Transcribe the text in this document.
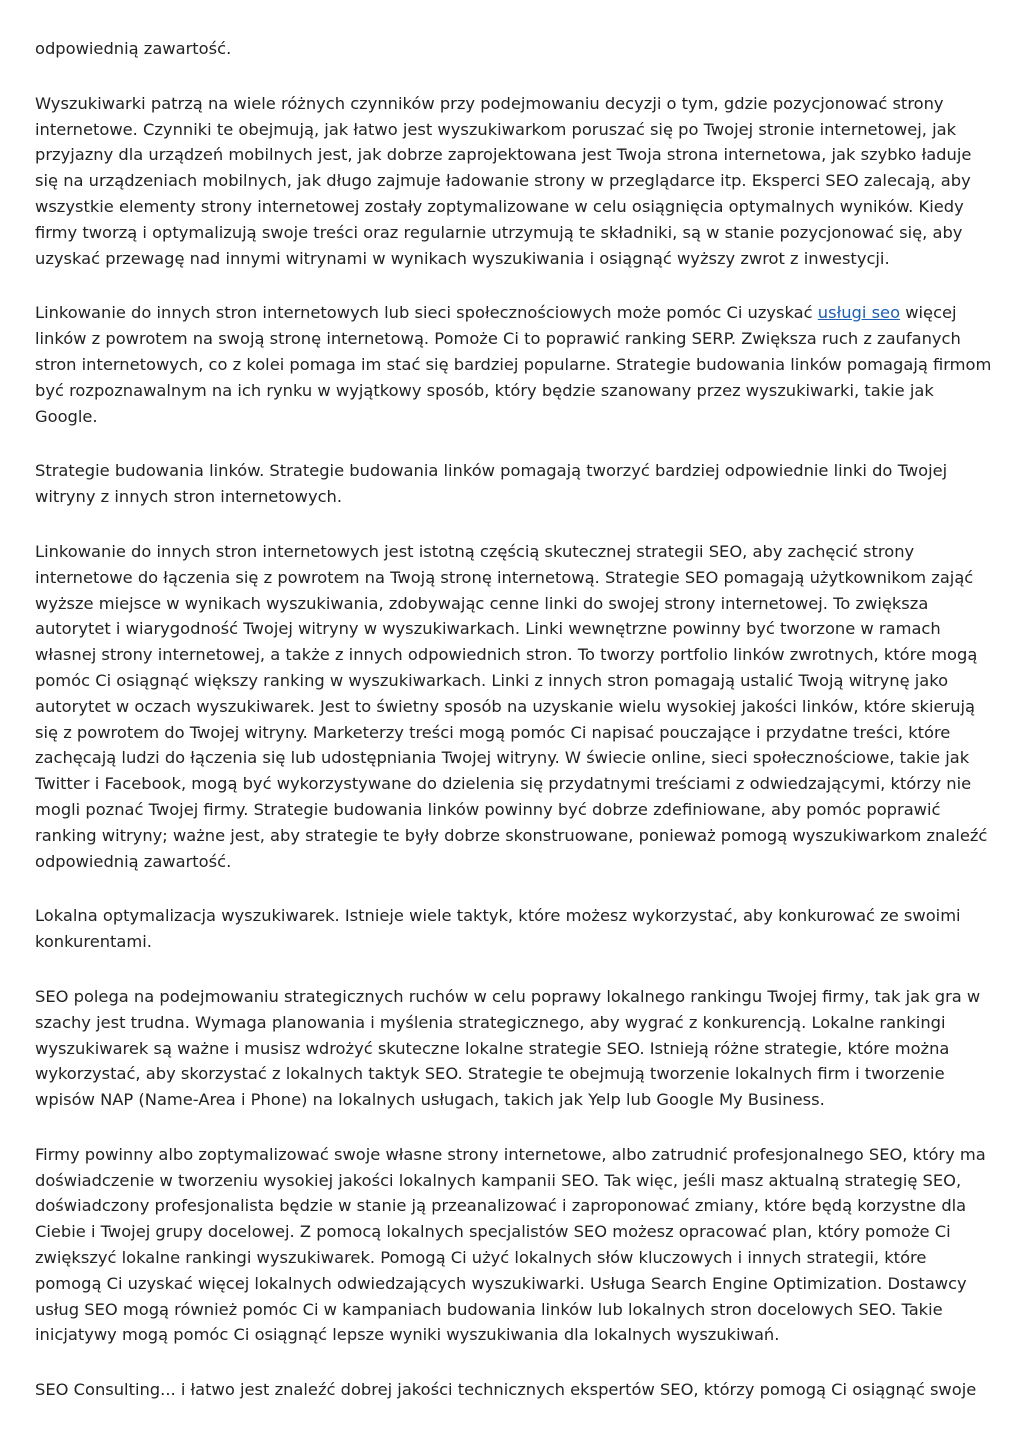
odpowiednią zawartość.

Wyszukiwarki patrzą na wiele różnych czynników przy podejmowaniu decyzji o tym, gdzie pozycjonować strony internetowe. Czynniki te obejmują, jak łatwo jest wyszukiwarkom poruszać się po Twojej stronie internetowej, jak przyjazny dla urządzeń mobilnych jest, jak dobrze zaprojektowana jest Twoja strona internetowa, jak szybko ładuje się na urządzeniach mobilnych, jak długo zajmuje ładowanie strony w przeglądarce itp. Eksperci SEO zalecają, aby wszystkie elementy strony internetowej zostały zoptymalizowane w celu osiągnięcia optymalnych wyników. Kiedy firmy tworzą i optymalizują swoje treści oraz regularnie utrzymują te składniki, są w stanie pozycjonować się, aby uzyskać przewagę nad innymi witrynami w wynikach wyszukiwania i osiągnąć wyższy zwrot z inwestycji.

Linkowanie do innych stron internetowych lub sieci społecznościowych może pomóc Ci uzyskać usługi seo więcej linków z powrotem na swoją stronę internetową. Pomoże Ci to poprawić ranking SERP. Zwiększa ruch z zaufanych stron internetowych, co z kolei pomaga im stać się bardziej popularne. Strategie budowania linków pomagają firmom być rozpoznawalnym na ich rynku w wyjątkowy sposób, który będzie szanowany przez wyszukiwarki, takie jak Google.

Strategie budowania linków. Strategie budowania linków pomagają tworzyć bardziej odpowiednie linki do Twojej witryny z innych stron internetowych.

Linkowanie do innych stron internetowych jest istotną częścią skutecznej strategii SEO, aby zachęcić strony internetowe do łączenia się z powrotem na Twoją stronę internetową. Strategie SEO pomagają użytkownikom zająć wyższe miejsce w wynikach wyszukiwania, zdobywając cenne linki do swojej strony internetowej. To zwiększa autorytet i wiarygodność Twojej witryny w wyszukiwarkach. Linki wewnętrzne powinny być tworzone w ramach własnej strony internetowej, a także z innych odpowiednich stron. To tworzy portfolio linków zwrotnych, które mogą pomóc Ci osiągnąć większy ranking w wyszukiwarkach. Linki z innych stron pomagają ustalić Twoją witrynę jako autorytet w oczach wyszukiwarek. Jest to świetny sposób na uzyskanie wielu wysokiej jakości linków, które skierują się z powrotem do Twojej witryny. Marketerzy treści mogą pomóc Ci napisać pouczające i przydatne treści, które zachęcają ludzi do łączenia się lub udostępniania Twojej witryny. W świecie online, sieci społecznościowe, takie jak Twitter i Facebook, mogą być wykorzystywane do dzielenia się przydatnymi treściami z odwiedzającymi, którzy nie mogli poznać Twojej firmy. Strategie budowania linków powinny być dobrze zdefiniowane, aby pomóc poprawić ranking witryny; ważne jest, aby strategie te były dobrze skonstruowane, ponieważ pomogą wyszukiwarkom znaleźć odpowiednią zawartość.

Lokalna optymalizacja wyszukiwarek. Istnieje wiele taktyk, które możesz wykorzystać, aby konkurować ze swoimi konkurentami.

SEO polega na podejmowaniu strategicznych ruchów w celu poprawy lokalnego rankingu Twojej firmy, tak jak gra w szachy jest trudna. Wymaga planowania i myślenia strategicznego, aby wygrać z konkurencją. Lokalne rankingi wyszukiwarek są ważne i musisz wdrożyć skuteczne lokalne strategie SEO. Istnieją różne strategie, które można wykorzystać, aby skorzystać z lokalnych taktyk SEO. Strategie te obejmują tworzenie lokalnych firm i tworzenie wpisów NAP (Name-Area i Phone) na lokalnych usługach, takich jak Yelp lub Google My Business.

Firmy powinny albo zoptymalizować swoje własne strony internetowe, albo zatrudnić profesjonalnego SEO, który ma doświadczenie w tworzeniu wysokiej jakości lokalnych kampanii SEO. Tak więc, jeśli masz aktualną strategię SEO, doświadczony profesjonalista będzie w stanie ją przeanalizować i zaproponować zmiany, które będą korzystne dla Ciebie i Twojej grupy docelowej. Z pomocą lokalnych specjalistów SEO możesz opracować plan, który pomoże Ci zwiększyć lokalne rankingi wyszukiwarek. Pomogą Ci użyć lokalnych słów kluczowych i innych strategii, które pomogą Ci uzyskać więcej lokalnych odwiedzających wyszukiwarki. Usługa Search Engine Optimization. Dostawcy usług SEO mogą również pomóc Ci w kampaniach budowania linków lub lokalnych stron docelowych SEO. Takie inicjatywy mogą pomóc Ci osiągnąć lepsze wyniki wyszukiwania dla lokalnych wyszukiwań.

SEO Consulting... i łatwo jest znaleźć dobrej jakości technicznych ekspertów SEO, którzy pomogą Ci osiągnąć swoje
